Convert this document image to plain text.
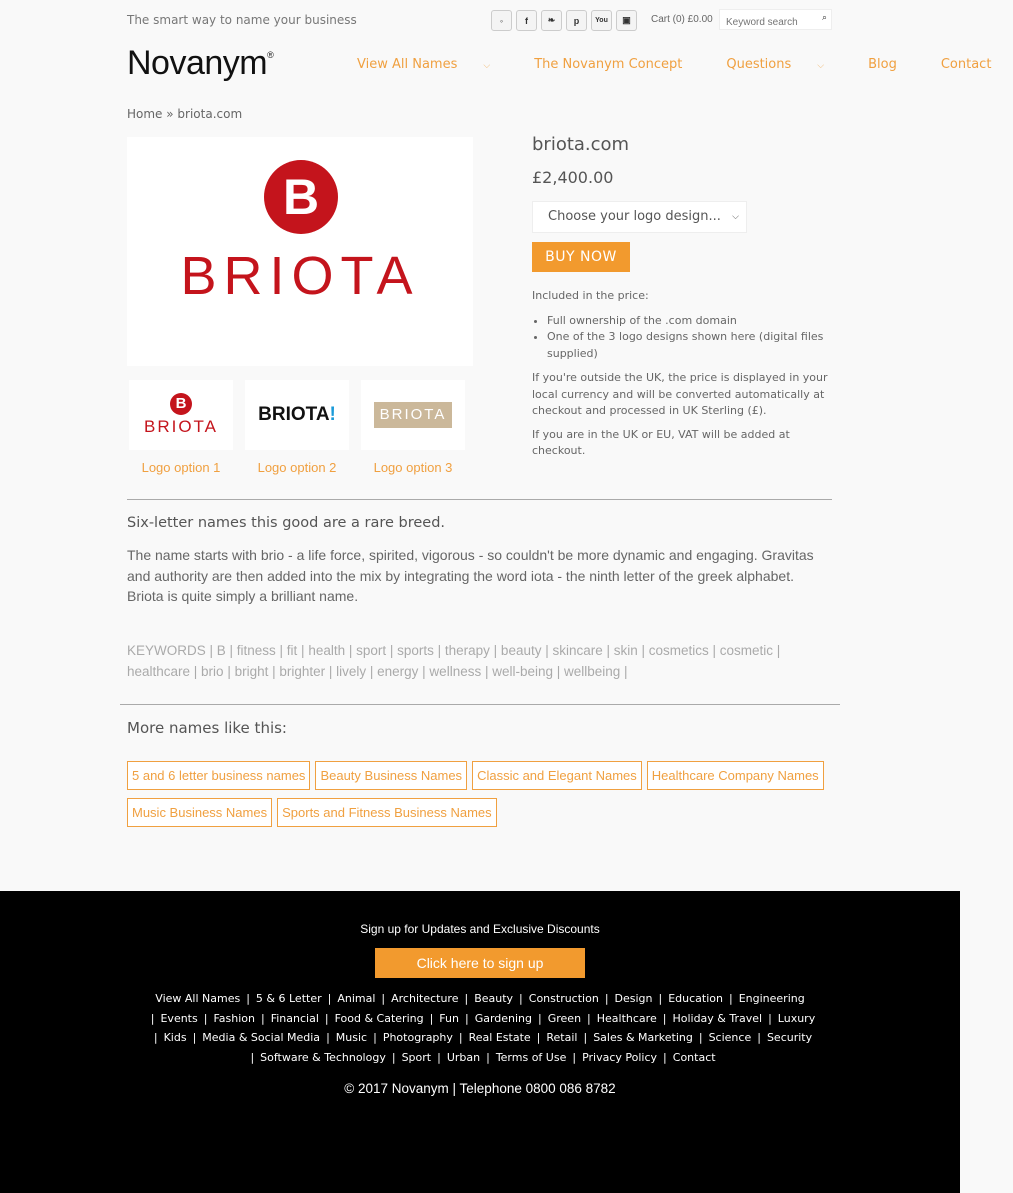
The smart way to name your business	◦	f	❧	p	You	▣	Cart (0) £0.00
Keyword search	⌕
Novanym®
View All Names	⌵	The Novanym Concept	Questions	⌵	Blog	Contact
Home » briota.com
B
BRIOTA
B
BRIOTA
Logo option 1
BRIOTA!
Logo option 2
BRIOTA
Logo option 3
briota.com
£2,400.00
Choose your logo design... ⌵
BUY NOW

Included in the price:

• Full ownership of the .com domain
• One of the 3 logo designs shown here (digital files supplied)

If you're outside the UK, the price is displayed in your local currency and will be converted automatically at checkout and processed in UK Sterling (£).

If you are in the UK or EU, VAT will be added at checkout.

Six-letter names this good are a rare breed.
The name starts with brio - a life force, spirited, vigorous - so couldn't be more dynamic and engaging. Gravitas and authority are then added into the mix by integrating the word iota - the ninth letter of the greek alphabet. Briota is quite simply a brilliant name.
KEYWORDS | B | fitness | fit | health | sport | sports | therapy | beauty | skincare | skin | cosmetics | cosmetic | healthcare | brio | bright | brighter | lively | energy | wellness | well-being | wellbeing |
More names like this:
5 and 6 letter business names	Beauty Business Names	Classic and Elegant Names	Healthcare Company Names
Music Business Names	Sports and Fitness Business Names
Sign up for Updates and Exclusive Discounts
Click here to sign up
View All Names | 5 & 6 Letter | Animal | Architecture | Beauty | Construction | Design | Education | Engineering
| Events | Fashion | Financial | Food & Catering | Fun | Gardening | Green | Healthcare | Holiday & Travel | Luxury
| Kids | Media & Social Media | Music | Photography | Real Estate | Retail | Sales & Marketing | Science | Security
| Software & Technology | Sport | Urban | Terms of Use | Privacy Policy | Contact
© 2017 Novanym | Telephone 0800 086 8782
